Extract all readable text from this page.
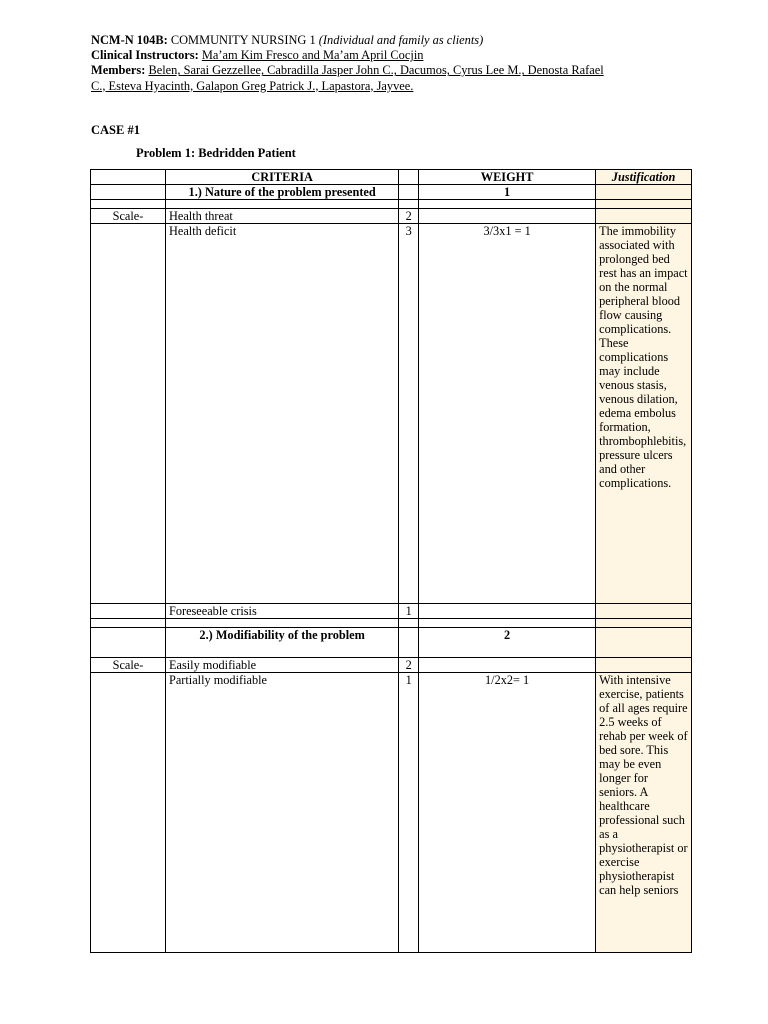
NCM-N 104B: COMMUNITY NURSING 1 (Individual and family as clients)
Clinical Instructors: Ma’am Kim Fresco and Ma’am April Cocjin
Members: Belen, Sarai Gezzellee, Cabradilla Jasper John C., Dacumos, Cyrus Lee M., Denosta Rafael
C., Esteva Hyacinth, Galapon Greg Patrick J., Lapastora, Jayvee.
CASE #1
Problem 1: Bedridden Patient
	CRITERIA		WEIGHT	Justification
	1.) Nature of the problem presented		1	

Scale-	Health threat	2		
	Health deficit	3	3/3x1 = 1	The immobility associated with prolonged bed rest has an impact on the normal peripheral blood flow causing complications. These complications may include venous stasis, venous dilation, edema embolus formation, thrombophlebitis, pressure ulcers and other complications.
	Foreseeable crisis	1		

	2.) Modifiability of the problem		2	
Scale-	Easily modifiable	2		
	Partially modifiable	1	1/2x2= 1	With intensive exercise, patients of all ages require 2.5 weeks of rehab per week of bed sore. This may be even longer for seniors. A healthcare professional such as a physiotherapist or exercise physiotherapist can help seniors
